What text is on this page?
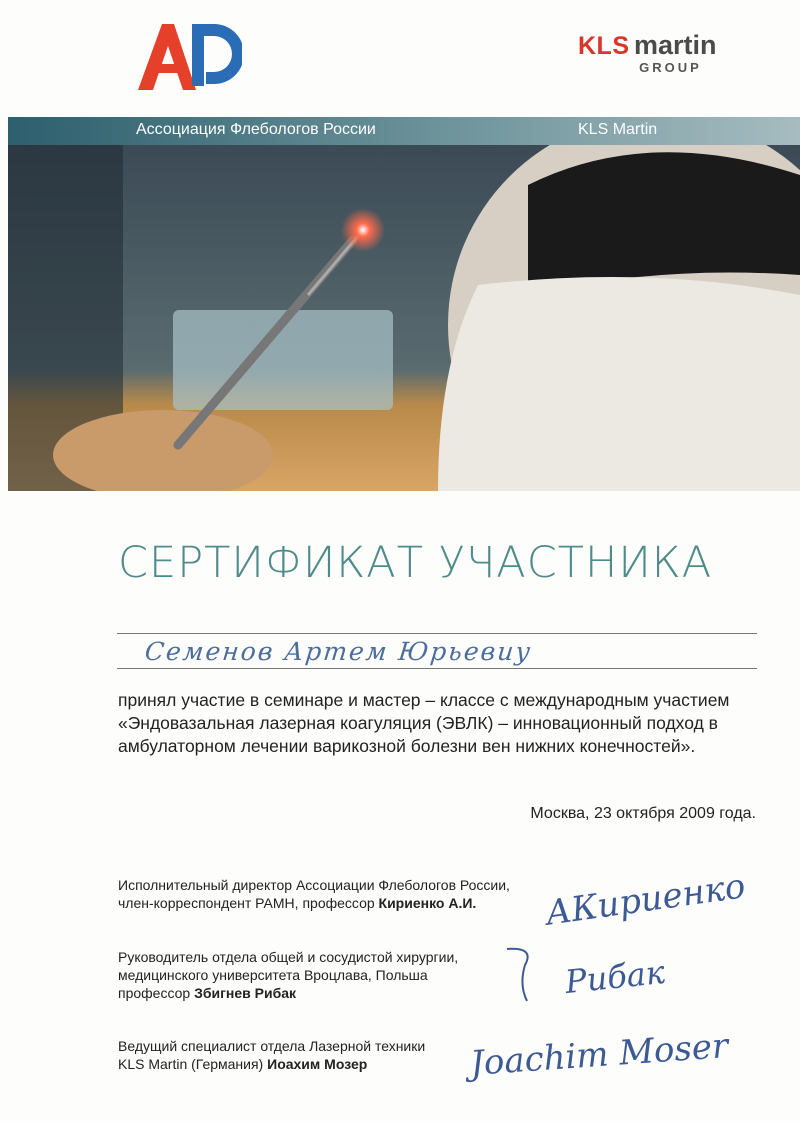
KLS martin
GROUP
Ассоциация Флебологов России	KLS Martin
СЕРТИФИКАТ УЧАСТНИКА
Семенов Артем Юрьевиу
принял участие в семинаре и мастер – классе с международным участием «Эндовазальная лазерная коагуляция (ЭВЛК) – инновационный подход в амбулаторном лечении варикозной болезни вен нижних конечностей».
Москва, 23 октября 2009 года.
Исполнительный директор Ассоциации Флебологов России,
член-корреспондент РАМН, профессор Кириенко А.И.	АКириенко
Руководитель отдела общей и сосудистой хирургии,
медицинского университета Вроцлава, Польша
профессор Збигнев Рибак	Рибак
Ведущий специалист отдела Лазерной техники
KLS Martin (Германия) Иоахим Мозер	Joachim Moser
